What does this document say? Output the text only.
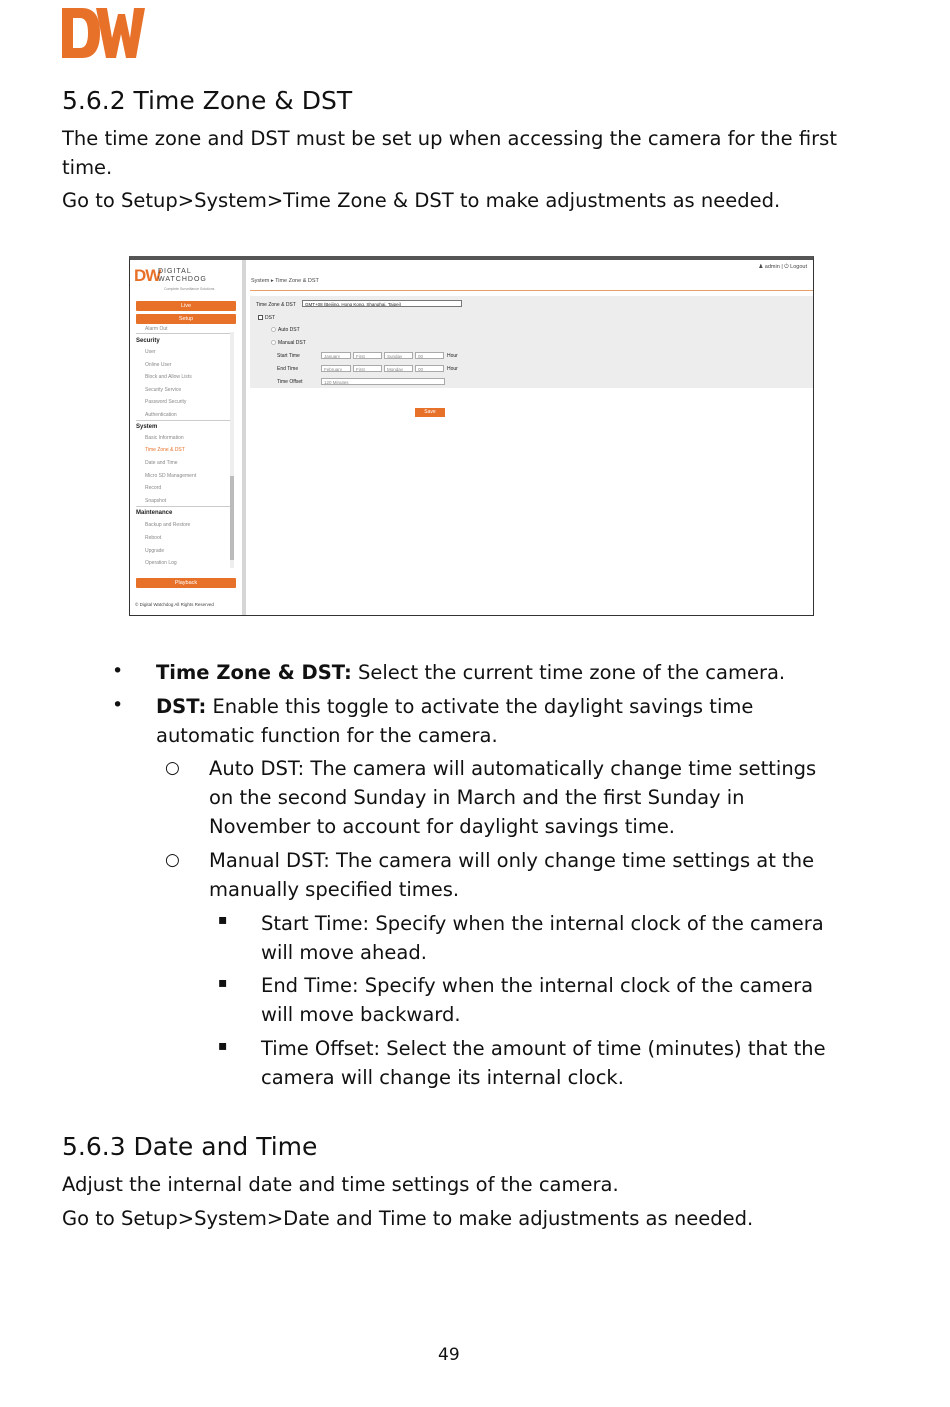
5.6.2 Time Zone & DST

The time zone and DST must be set up when accessing the camera for the first

time.

Go to Setup>System>Time Zone & DST to make adjustments as needed.

DW
DIGITAL WATCHDOG
Complete Surveillance Solutions
Live
Setup
Alarm Out
Security
User
Online User
Block and Allow Lists
Security Service
Password Security
Authentication
System
Basic Information
Time Zone & DST
Date and Time
Micro SD Management
Record
Snapshot
Maintenance
Backup and Restore
Reboot
Upgrade
Operation Log
Playback
© Digital Watchdog All Rights Reserved
♟ admin | ⏻ Logout
System ▸ Time Zone & DST
Time Zone & DST	GMT+08 (Beijing, Hong Kong, Shanghai, Taipei)
DST
Auto DST
Manual DST
Start Time	January	First	Sunday	00	Hour
End Time	February	First	Monday	00	Hour
Time Offset	120 Minutes
Save
• Time Zone & DST: Select the current time zone of the camera.

• DST: Enable this toggle to activate the daylight savings time

automatic function for the camera.

○ Auto DST: The camera will automatically change time settings

on the second Sunday in March and the first Sunday in

November to account for daylight savings time.

○ Manual DST: The camera will only change time settings at the

manually specified times.

▪ Start Time: Specify when the internal clock of the camera

will move ahead.

▪ End Time: Specify when the internal clock of the camera

will move backward.

▪ Time Offset: Select the amount of time (minutes) that the

camera will change its internal clock.

5.6.3 Date and Time

Adjust the internal date and time settings of the camera.

Go to Setup>System>Date and Time to make adjustments as needed.

49
